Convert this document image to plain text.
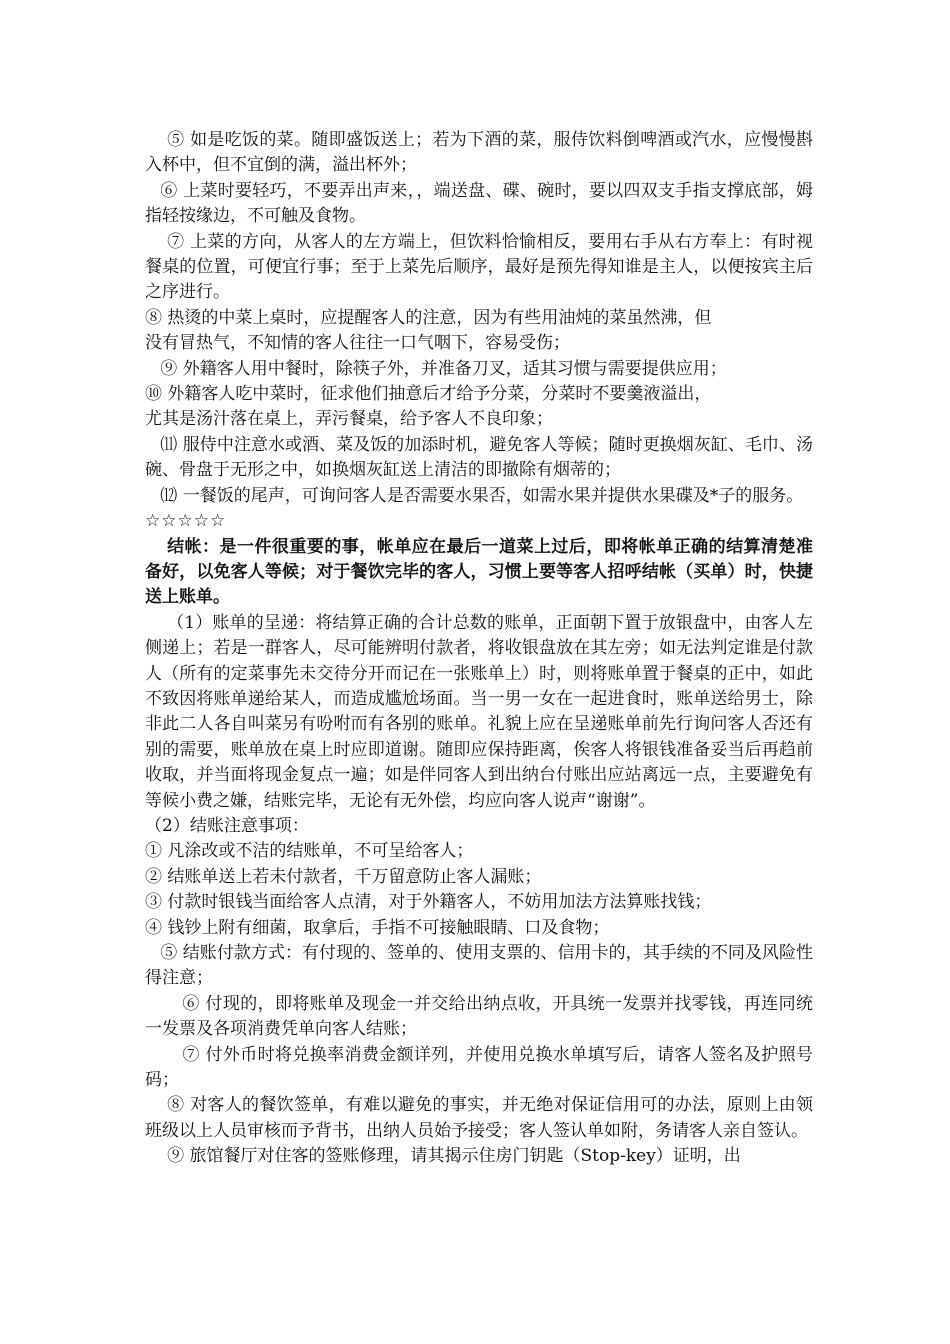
⑤ 如是吃饭的菜。随即盛饭送上；若为下酒的菜，服侍饮料倒啤酒或汽水，应慢慢斟入杯中，但不宜倒的满，溢出杯外；

⑥ 上菜时要轻巧，不要弄出声来，，端送盘、碟、碗时，要以四双支手指支撑底部，姆指轻按缘边，不可触及食物。

⑦ 上菜的方向，从客人的左方端上，但饮料恰愉相反，要用右手从右方奉上：有时视餐桌的位置，可便宜行事；至于上菜先后顺序，最好是预先得知谁是主人，以便按宾主后之序进行。

⑧ 热烫的中菜上桌时，应提醒客人的注意，因为有些用油炖的菜虽然沸，但

没有冒热气，不知情的客人往往一口气咽下，容易受伤；

⑨ 外籍客人用中餐时，除筷子外，并准备刀叉，适其习惯与需要提供应用；

⑩ 外籍客人吃中菜时，征求他们抽意后才给予分菜，分菜时不要羹液溢出，

尤其是汤汁落在桌上，弄污餐桌，给予客人不良印象；

⑾ 服侍中注意水或酒、菜及饭的加添时机，避免客人等候；随时更换烟灰缸、毛巾、汤碗、骨盘于无形之中，如换烟灰缸送上清洁的即撤除有烟蒂的；

⑿ 一餐饭的尾声，可询问客人是否需要水果否，如需水果并提供水果碟及*子的服务。

☆☆☆☆☆

结帐：是一件很重要的事，帐单应在最后一道菜上过后，即将帐单正确的结算清楚准备好，以免客人等候；对于餐饮完毕的客人，习惯上要等客人招呼结帐（买单）时，快捷送上账单。

（1）账单的呈递：将结算正确的合计总数的账单，正面朝下置于放银盘中，由客人左侧递上；若是一群客人，尽可能辨明付款者，将收银盘放在其左旁；如无法判定谁是付款人（所有的定菜事先未交待分开而记在一张账单上）时，则将账单置于餐桌的正中，如此不致因将账单递给某人，而造成尴尬场面。当一男一女在一起进食时，账单送给男士，除非此二人各自叫菜另有吩咐而有各别的账单。礼貌上应在呈递账单前先行询问客人否还有别的需要，账单放在桌上时应即道谢。随即应保持距离，俟客人将银钱准备妥当后再趋前收取，并当面将现金复点一遍；如是伴同客人到出纳台付账出应站离远一点，主要避免有等候小费之嫌，结账完毕，无论有无外偿，均应向客人说声“谢谢”。

（2）结账注意事项：

① 凡涂改或不洁的结账单，不可呈给客人；

② 结账单送上若未付款者，千万留意防止客人漏账；

③ 付款时银钱当面给客人点清，对于外籍客人，不妨用加法方法算账找钱；

④ 钱钞上附有细菌，取拿后，手指不可接触眼睛、口及食物；

⑤ 结账付款方式：有付现的、签单的、使用支票的、信用卡的，其手续的不同及风险性得注意；

⑥ 付现的，即将账单及现金一并交给出纳点收，开具统一发票并找零钱，再连同统一发票及各项消费凭单向客人结账；

⑦ 付外币时将兑换率消费金额详列，并使用兑换水单填写后，请客人签名及护照号码；

⑧ 对客人的餐饮签单，有难以避免的事实，并无绝对保证信用可的办法，原则上由领班级以上人员审核而予背书，出纳人员始予接受；客人签认单如附，务请客人亲自签认。

⑨ 旅馆餐厅对住客的签账修理，请其揭示住房门钥匙（Stop-key）证明，出
